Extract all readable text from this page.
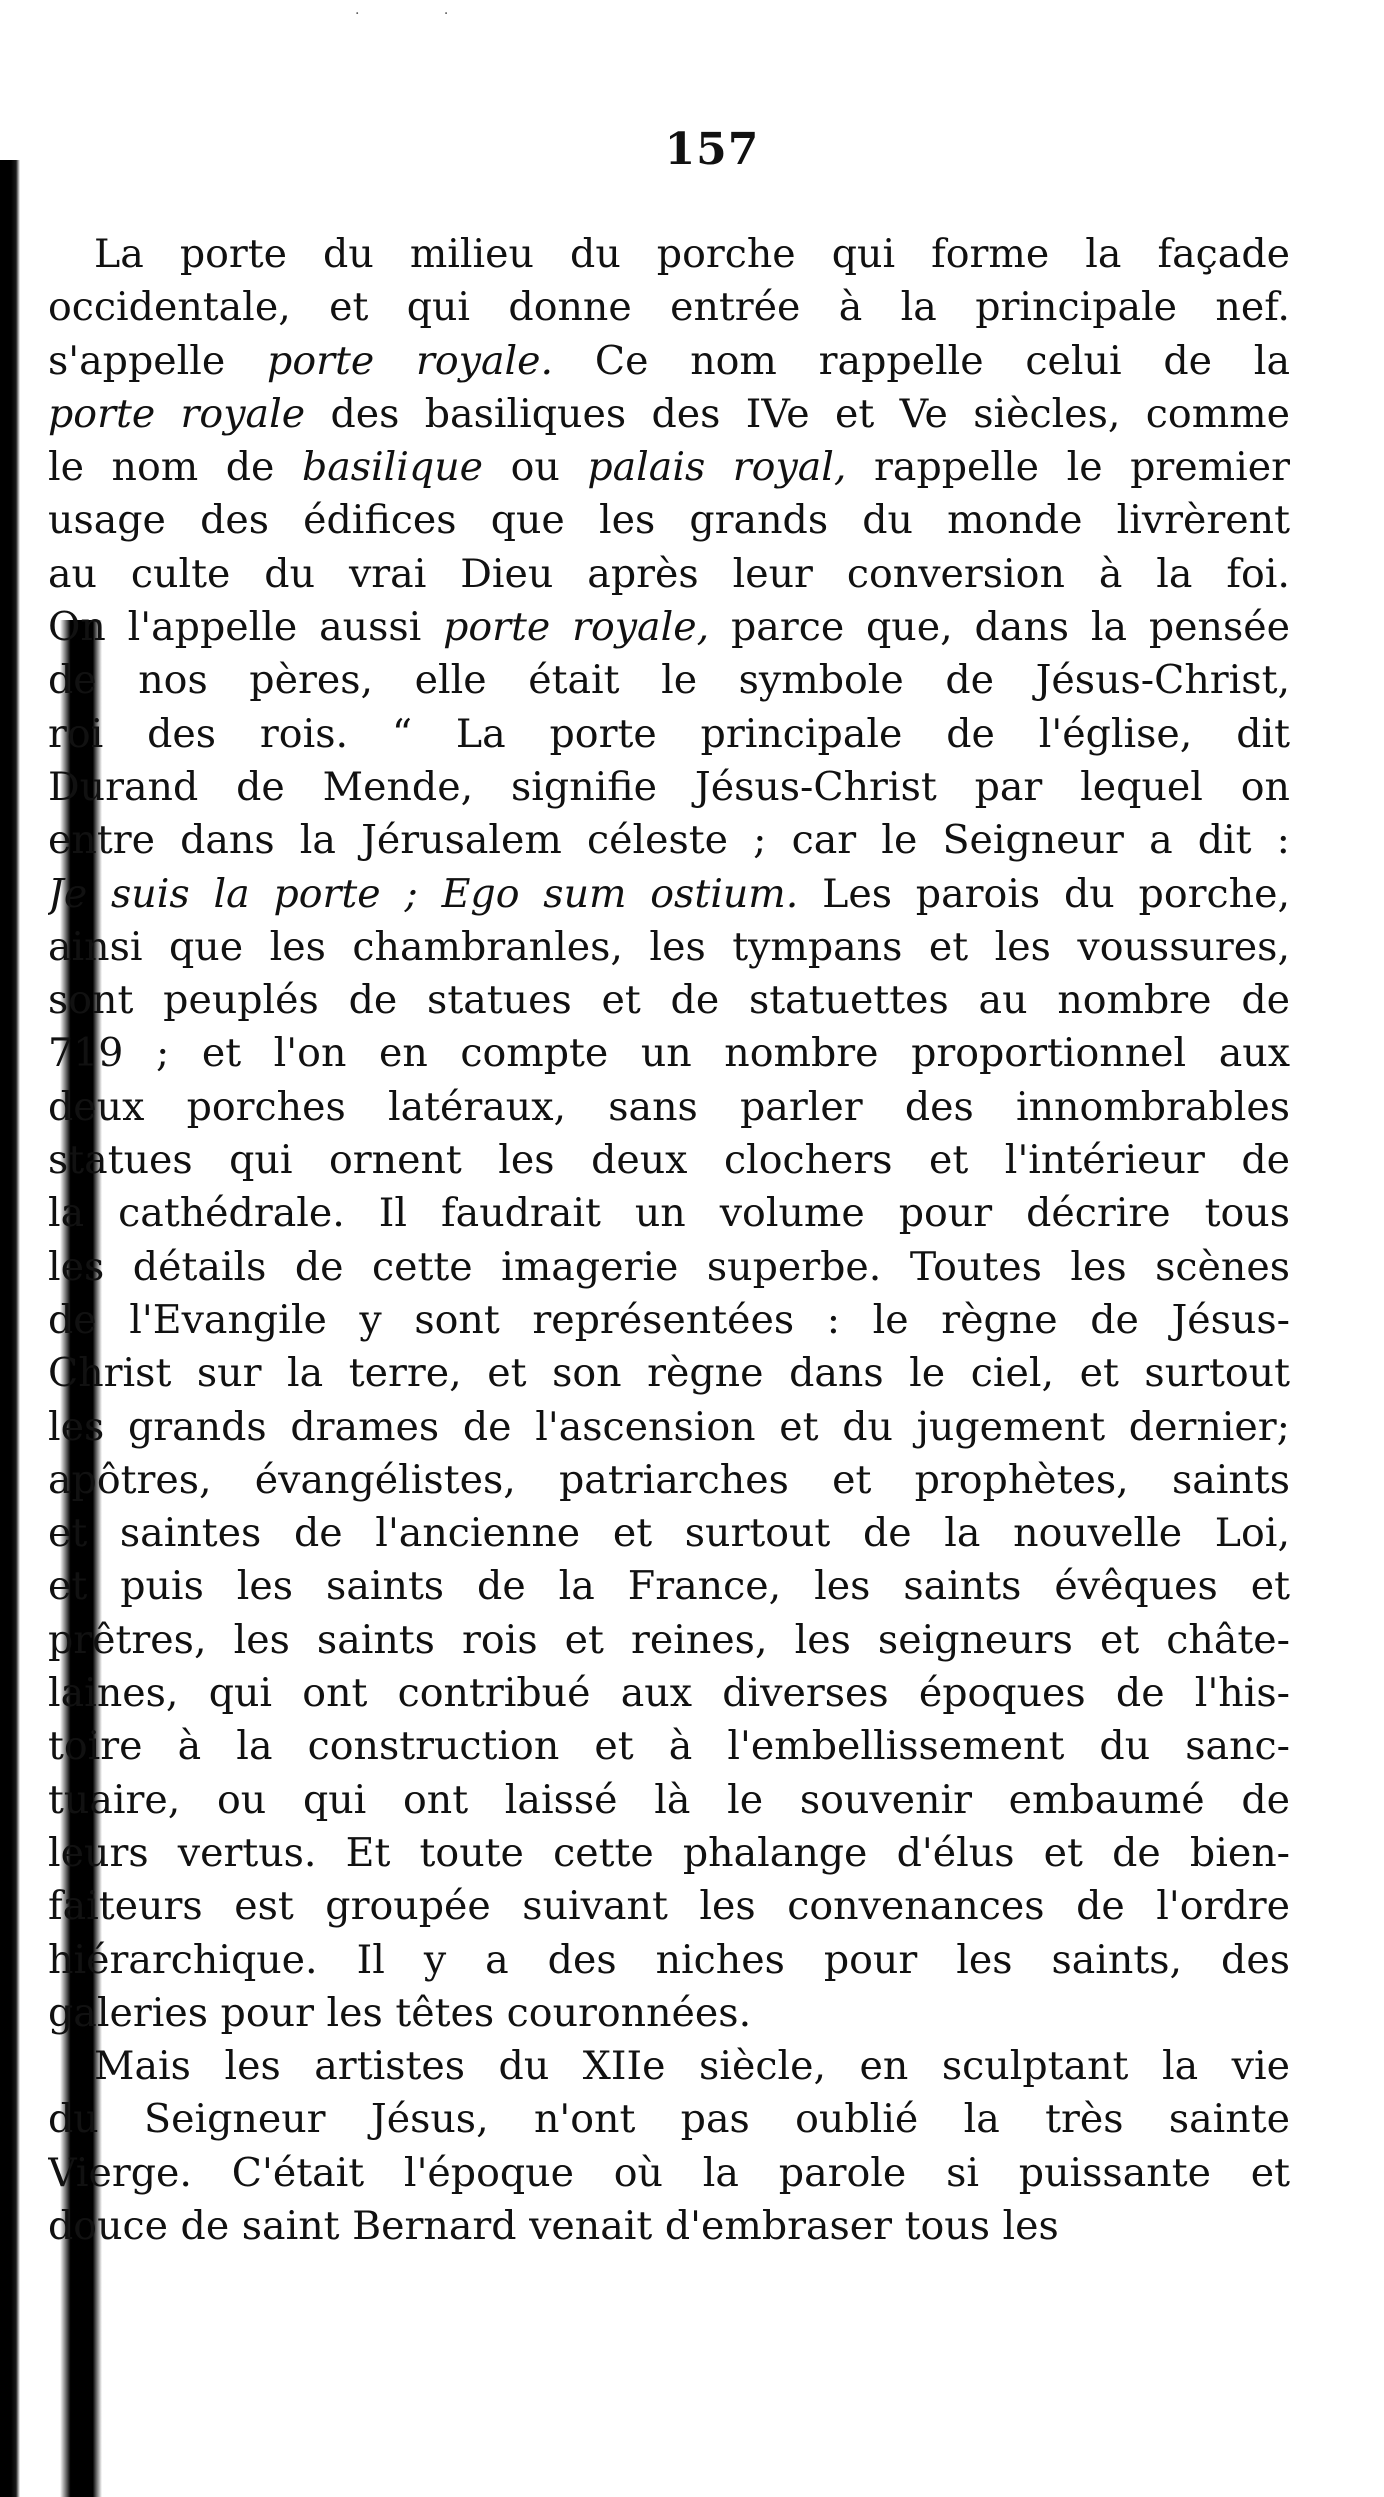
· ·
157
La porte du milieu du porche qui forme la façade
occidentale, et qui donne entrée à la principale nef.
s'appelle porte royale. Ce nom rappelle celui de la
porte royale des basiliques des IVe et Ve siècles, comme
le nom de basilique ou palais royal, rappelle le premier
usage des édifices que les grands du monde livrèrent
au culte du vrai Dieu après leur conversion à la foi.
On l'appelle aussi porte royale, parce que, dans la pensée
de nos pères, elle était le symbole de Jésus-Christ,
roi des rois. “ La porte principale de l'église, dit
Durand de Mende, signifie Jésus-Christ par lequel on
entre dans la Jérusalem céleste ; car le Seigneur a dit :
Je suis la porte ; Ego sum ostium. Les parois du porche,
ainsi que les chambranles, les tympans et les voussures,
sont peuplés de statues et de statuettes au nombre de
719 ; et l'on en compte un nombre proportionnel aux
deux porches latéraux, sans parler des innombrables
statues qui ornent les deux clochers et l'intérieur de
la cathédrale. Il faudrait un volume pour décrire tous
les détails de cette imagerie superbe. Toutes les scènes
de l'Evangile y sont représentées : le règne de Jésus-
Christ sur la terre, et son règne dans le ciel, et surtout
les grands drames de l'ascension et du jugement dernier;
apôtres, évangélistes, patriarches et prophètes, saints
et saintes de l'ancienne et surtout de la nouvelle Loi,
et puis les saints de la France, les saints évêques et
prêtres, les saints rois et reines, les seigneurs et châte-
laines, qui ont contribué aux diverses époques de l'his-
toire à la construction et à l'embellissement du sanc-
tuaire, ou qui ont laissé là le souvenir embaumé de
leurs vertus. Et toute cette phalange d'élus et de bien-
faiteurs est groupée suivant les convenances de l'ordre
hiérarchique. Il y a des niches pour les saints, des
galeries pour les têtes couronnées.
Mais les artistes du XIIe siècle, en sculptant la vie
du Seigneur Jésus, n'ont pas oublié la très sainte
Vierge. C'était l'époque où la parole si puissante et
douce de saint Bernard venait d'embraser tous les
